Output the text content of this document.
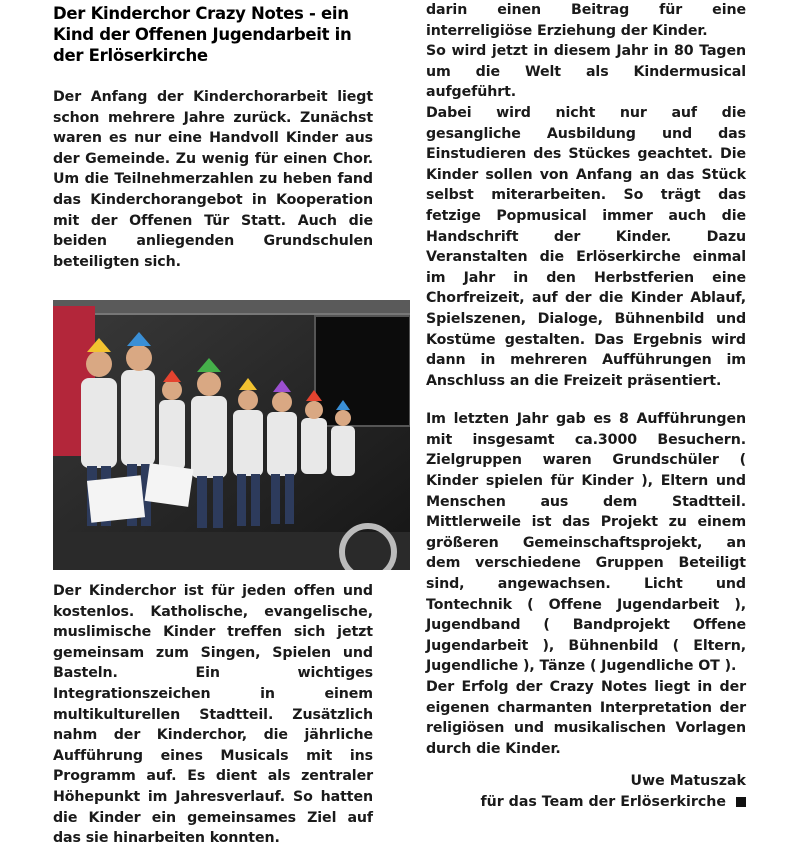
Der Kinderchor Crazy Notes - ein Kind der Offenen Jugendarbeit in der Erlöserkirche

Der Anfang der Kinderchorarbeit liegt schon mehrere Jahre zurück. Zunächst waren es nur eine Handvoll Kinder aus der Gemeinde. Zu wenig für einen Chor. Um die Teilnehmerzahlen zu heben fand das Kinderchorangebot in Kooperation mit der Offenen Tür Statt. Auch die beiden anliegenden Grundschulen beteiligten sich.

Der Kinderchor ist für jeden offen und kostenlos. Katholische, evangelische, muslimische Kinder treffen sich jetzt gemeinsam zum Singen, Spielen und Basteln. Ein wichtiges Integrationszeichen in einem multikulturellen Stadtteil. Zusätzlich nahm der Kinderchor, die jährliche Aufführung eines Musicals mit ins Programm auf. Es dient als zentraler Höhepunkt im Jahresverlauf. So hatten die Kinder ein gemeinsames Ziel auf das sie hinarbeiten konnten.

darin einen Beitrag für eine interreligiöse Erziehung der Kinder.

So wird jetzt in diesem Jahr in 80 Tagen um die Welt als Kindermusical aufgeführt.

Dabei wird nicht nur auf die gesangliche Ausbildung und das Einstudieren des Stückes geachtet. Die Kinder sollen von Anfang an das Stück selbst miterarbeiten. So trägt das fetzige Popmusical immer auch die Handschrift der Kinder. Dazu Veranstalten die Erlöserkirche einmal im Jahr in den Herbstferien eine Chorfreizeit, auf der die Kinder Ablauf, Spielszenen, Dialoge, Bühnenbild und Kostüme gestalten. Das Ergebnis wird dann in mehreren Aufführungen im Anschluss an die Freizeit präsentiert.

Im letzten Jahr gab es 8 Aufführungen mit insgesamt ca.3000 Besuchern. Zielgruppen waren Grundschüler ( Kinder spielen für Kinder ), Eltern und Menschen aus dem Stadtteil. Mittlerweile ist das Projekt zu einem größeren Gemeinschaftsprojekt, an dem verschiedene Gruppen Beteiligt sind, angewachsen. Licht und Tontechnik ( Offene Jugendarbeit ), Jugendband ( Bandprojekt Offene Jugendarbeit ), Bühnenbild ( Eltern, Jugendliche ), Tänze ( Jugendliche OT ).

Der Erfolg der Crazy Notes liegt in der eigenen charmanten Interpretation der religiösen und musikalischen Vorlagen durch die Kinder.

Uwe Matuszak
für das Team der Erlöserkirche
